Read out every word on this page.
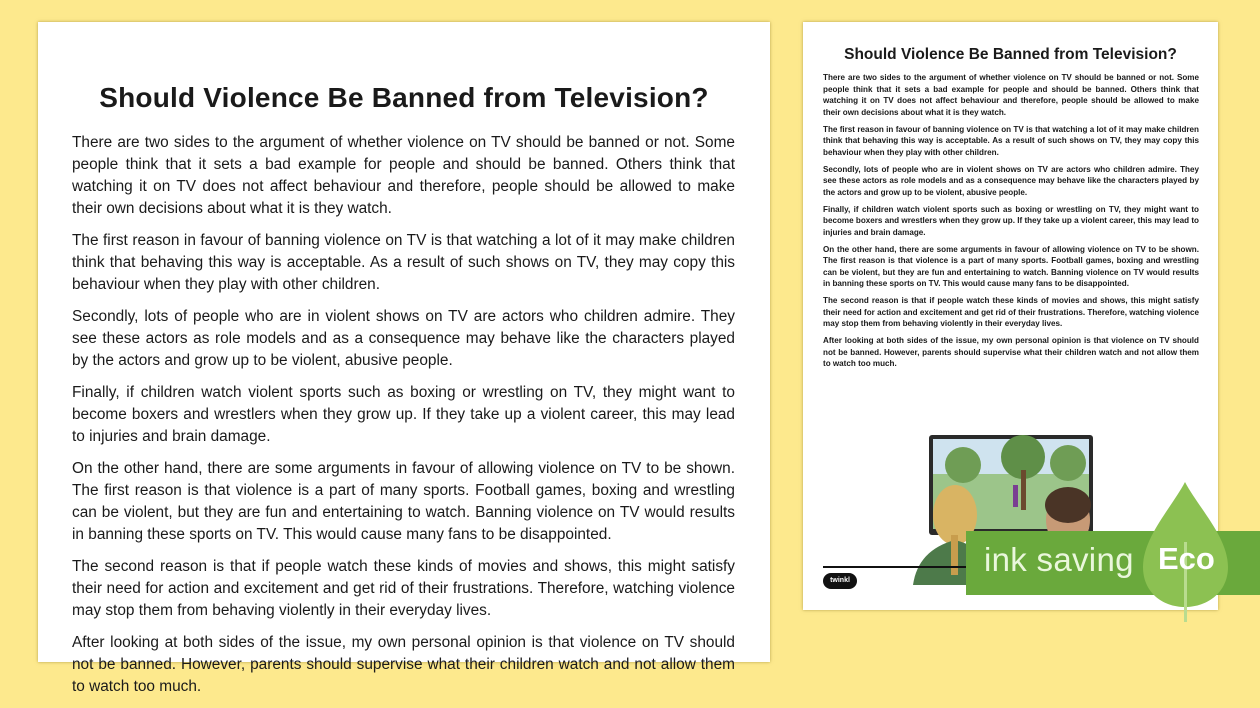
Should Violence Be Banned from Television?

There are two sides to the argument of whether violence on TV should be banned or not. Some people think that it sets a bad example for people and should be banned. Others think that watching it on TV does not affect behaviour and therefore, people should be allowed to make their own decisions about what it is they watch.

The first reason in favour of banning violence on TV is that watching a lot of it may make children think that behaving this way is acceptable. As a result of such shows on TV, they may copy this behaviour when they play with other children.

Secondly, lots of people who are in violent shows on TV are actors who children admire. They see these actors as role models and as a consequence may behave like the characters played by the actors and grow up to be violent, abusive people.

Finally, if children watch violent sports such as boxing or wrestling on TV, they might want to become boxers and wrestlers when they grow up. If they take up a violent career, this may lead to injuries and brain damage.

On the other hand, there are some arguments in favour of allowing violence on TV to be shown. The first reason is that violence is a part of many sports. Football games, boxing and wrestling can be violent, but they are fun and entertaining to watch. Banning violence on TV would results in banning these sports on TV. This would cause many fans to be disappointed.

The second reason is that if people watch these kinds of movies and shows, this might satisfy their need for action and excitement and get rid of their frustrations. Therefore, watching violence may stop them from behaving violently in their everyday lives.

After looking at both sides of the issue, my own personal opinion is that violence on TV should not be banned. However, parents should supervise what their children watch and not allow them to watch too much.

Should Violence Be Banned from Television?

There are two sides to the argument of whether violence on TV should be banned or not. Some people think that it sets a bad example for people and should be banned. Others think that watching it on TV does not affect behaviour and therefore, people should be allowed to make their own decisions about what it is they watch.

The first reason in favour of banning violence on TV is that watching a lot of it may make children think that behaving this way is acceptable. As a result of such shows on TV, they may copy this behaviour when they play with other children.

Secondly, lots of people who are in violent shows on TV are actors who children admire. They see these actors as role models and as a consequence may behave like the characters played by the actors and grow up to be violent, abusive people.

Finally, if children watch violent sports such as boxing or wrestling on TV, they might want to become boxers and wrestlers when they grow up. If they take up a violent career, this may lead to injuries and brain damage.

On the other hand, there are some arguments in favour of allowing violence on TV to be shown. The first reason is that violence is a part of many sports. Football games, boxing and wrestling can be violent, but they are fun and entertaining to watch. Banning violence on TV would results in banning these sports on TV. This would cause many fans to be disappointed.

The second reason is that if people watch these kinds of movies and shows, this might satisfy their need for action and excitement and get rid of their frustrations. Therefore, watching violence may stop them from behaving violently in their everyday lives.

After looking at both sides of the issue, my own personal opinion is that violence on TV should not be banned. However, parents should supervise what their children watch and not allow them to watch too much.

twinkl
ink saving Eco
